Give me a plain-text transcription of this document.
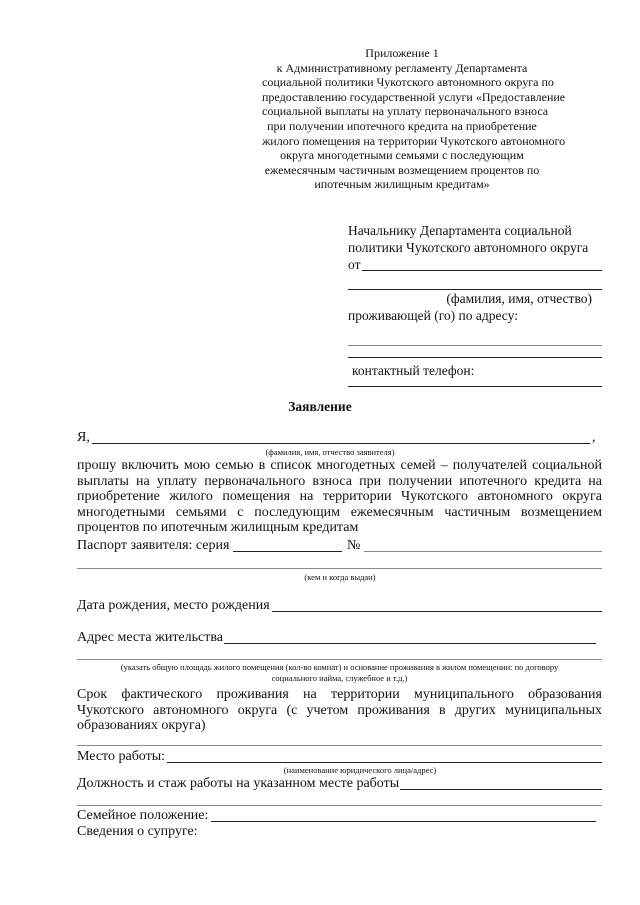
Приложение 1
к Административному регламенту Департамента
социальной политики Чукотского автономного округа по
предоставлению государственной услуги «Предоставление
социальной выплаты на уплату первоначального взноса
при получении ипотечного кредита на приобретение
жилого помещения на территории Чукотского автономного
округа многодетными семьями с последующим
ежемесячным частичным возмещением процентов по
ипотечным жилищным кредитам»
Начальнику Департамента социальной
политики Чукотского автономного округа
от
(фамилия, имя, отчество)
проживающей (го) по адресу:
контактный телефон:
Заявление
Я,	,
(фамилия, имя, отчество заявителя)
прошу включить мою семью в список многодетных семей – получателей социальной выплаты на уплату первоначального взноса при получении ипотечного кредита на приобретение жилого помещения на территории Чукотского автономного округа многодетными семьями с последующим ежемесячным частичным возмещением процентов по ипотечным жилищным кредитам
Паспорт заявителя: серия	№
(кем и когда выдан)
Дата рождения, место рождения
Адрес места жительства
(указать общую площадь жилого помещения (кол-во комнат) и основание проживания в жилом помещении: по договору
социального найма, служебное и т.д.)
Срок фактического проживания на территории муниципального образования Чукотского автономного округа (с учетом проживания в других муниципальных образованиях округа)
Место работы:
(наименование юридического лица/адрес)
Должность и стаж работы на указанном месте работы
Семейное положение:
Сведения о супруге:
